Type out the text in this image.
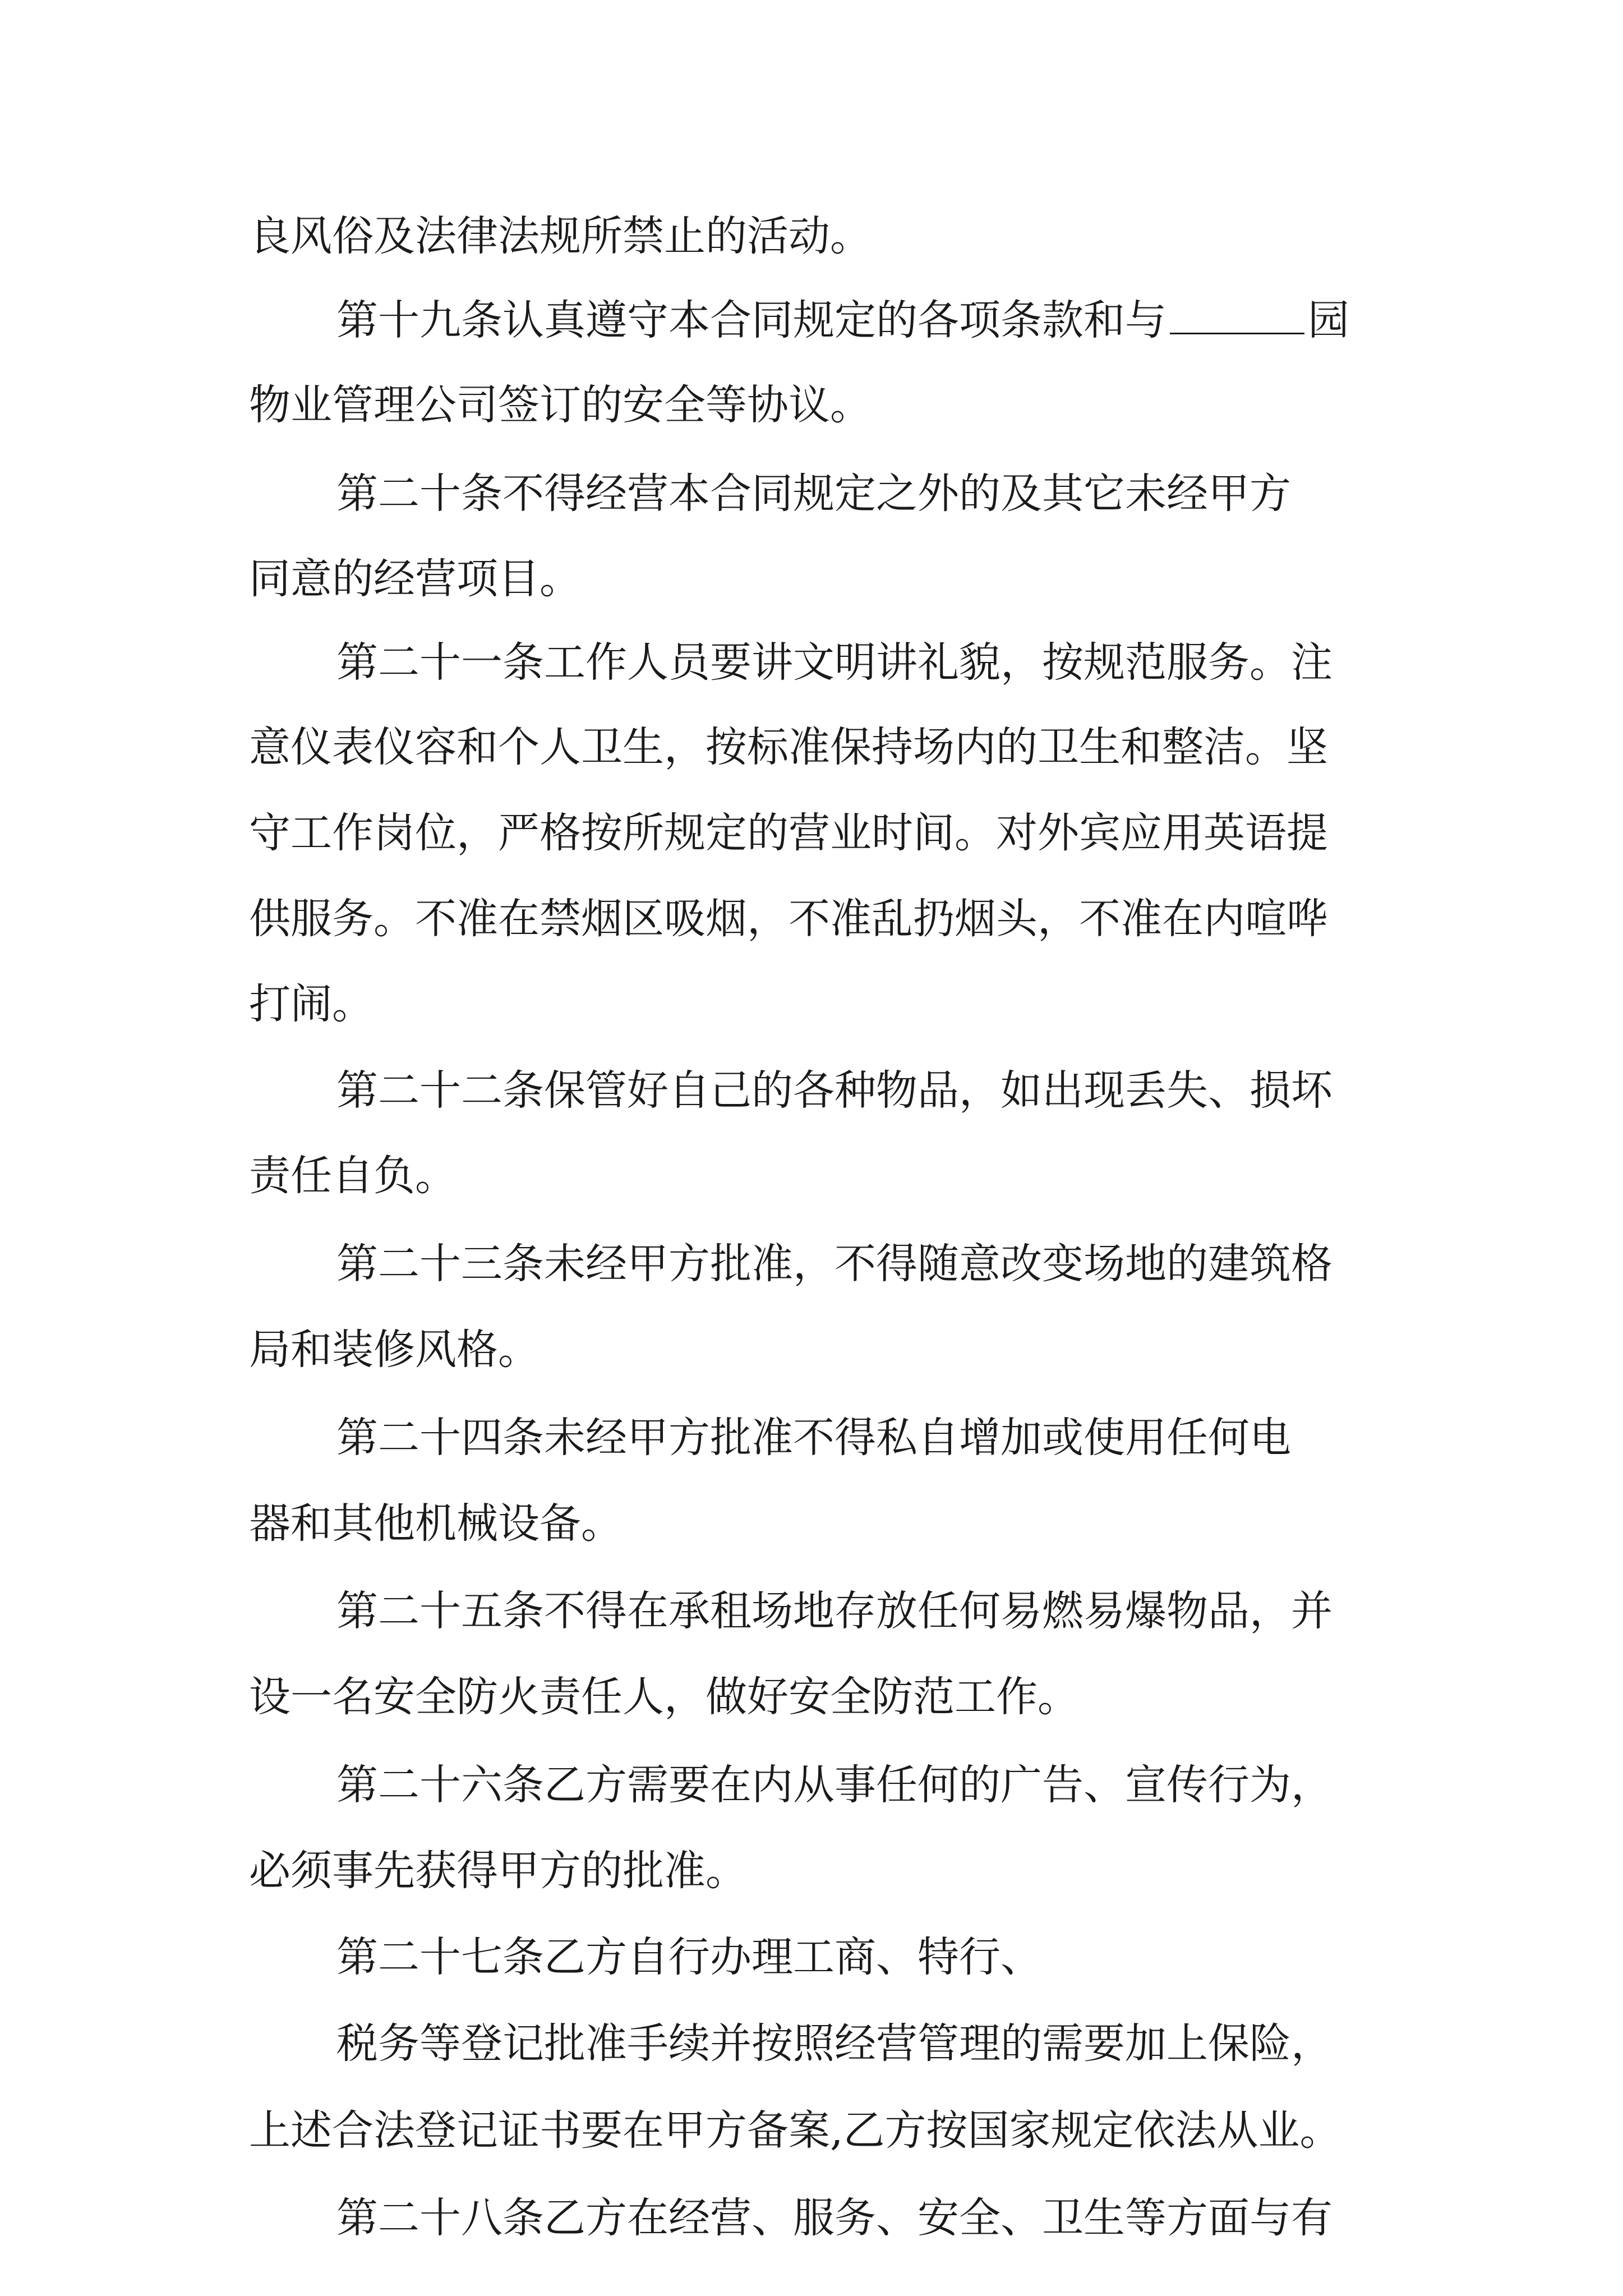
良风俗及法律法规所禁止的活动。
第十九条认真遵守本合同规定的各项条款和与	园
物业管理公司签订的安全等协议。
第二十条不得经营本合同规定之外的及其它未经甲方
同意的经营项目。
第二十一条工作人员要讲文明讲礼貌，按规范服务。注
意仪表仪容和个人卫生，按标准保持场内的卫生和整洁。坚
守工作岗位，严格按所规定的营业时间。对外宾应用英语提
供服务。不准在禁烟区吸烟，不准乱扔烟头，不准在内喧哗
打闹。
第二十二条保管好自己的各种物品，如出现丢失、损坏
责任自负。
第二十三条未经甲方批准，不得随意改变场地的建筑格
局和装修风格。
第二十四条未经甲方批准不得私自增加或使用任何电
器和其他机械设备。
第二十五条不得在承租场地存放任何易燃易爆物品，并
设一名安全防火责任人，做好安全防范工作。
第二十六条乙方需要在内从事任何的广告、宣传行为，
必须事先获得甲方的批准。
第二十七条乙方自行办理工商、特行、
税务等登记批准手续并按照经营管理的需要加上保险，
上述合法登记证书要在甲方备案,乙方按国家规定依法从业。
第二十八条乙方在经营、服务、安全、卫生等方面与有
